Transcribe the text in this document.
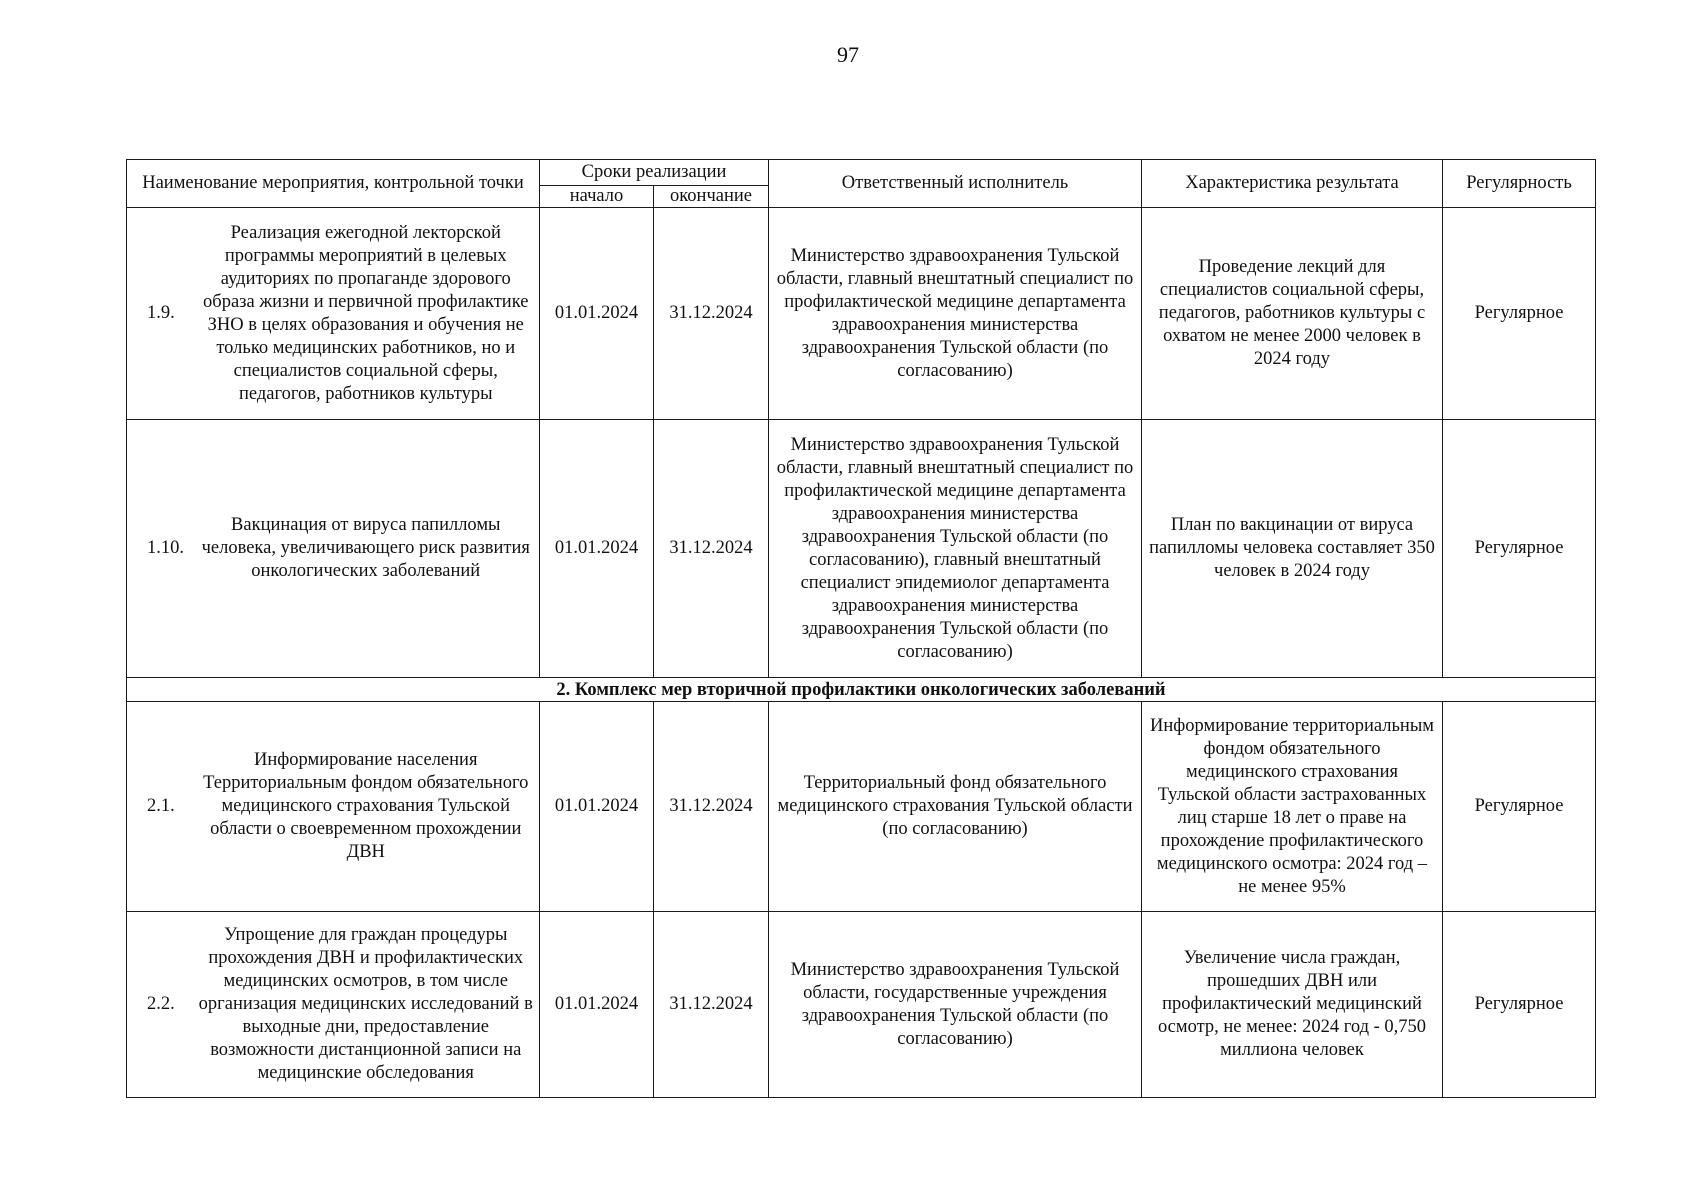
97
Наименование мероприятия, контрольной точки		Сроки реализации		Ответственный исполнитель	Характеристика результата	Регулярность
		начало	окончание			
1.9.	Реализация ежегодной лекторской программы мероприятий в целевых аудиториях по пропаганде здорового образа жизни и первичной профилактике ЗНО в целях образования и обучения не только медицинских работников, но и специалистов социальной сферы, педагогов, работников культуры	01.01.2024	31.12.2024	Министерство здравоохранения Тульской области, главный внештатный специалист по профилактической медицине департамента здравоохранения министерства здравоохранения Тульской области (по согласованию)	Проведение лекций для специалистов социальной сферы, педагогов, работников культуры с охватом не менее 2000 человек в 2024 году	Регулярное
1.10.	Вакцинация от вируса папилломы человека, увеличивающего риск развития онкологических заболеваний	01.01.2024	31.12.2024	Министерство здравоохранения Тульской области, главный внештатный специалист по профилактической медицине департамента здравоохранения министерства здравоохранения Тульской области (по согласованию), главный внештатный специалист эпидемиолог департамента здравоохранения министерства здравоохранения Тульской области (по согласованию)	План по вакцинации от вируса папилломы человека составляет 350 человек в 2024 году	Регулярное
2. Комплекс мер вторичной профилактики онкологических заболеваний						
2.1.	Информирование населения Территориальным фондом обязательного медицинского страхования Тульской области о своевременном прохождении ДВН	01.01.2024	31.12.2024	Территориальный фонд обязательного медицинского страхования Тульской области (по согласованию)	Информирование территориальным фондом обязательного медицинского страхования Тульской области застрахованных лиц старше 18 лет о праве на прохождение профилактического медицинского осмотра: 2024 год – не менее 95%	Регулярное
2.2.	Упрощение для граждан процедуры прохождения ДВН и профилактических медицинских осмотров, в том числе организация медицинских исследований в выходные дни, предоставление возможности дистанционной записи на медицинские обследования	01.01.2024	31.12.2024	Министерство здравоохранения Тульской области, государственные учреждения здравоохранения Тульской области (по согласованию)	Увеличение числа граждан, прошедших ДВН или профилактический медицинский осмотр, не менее: 2024 год - 0,750 миллиона человек	Регулярное
